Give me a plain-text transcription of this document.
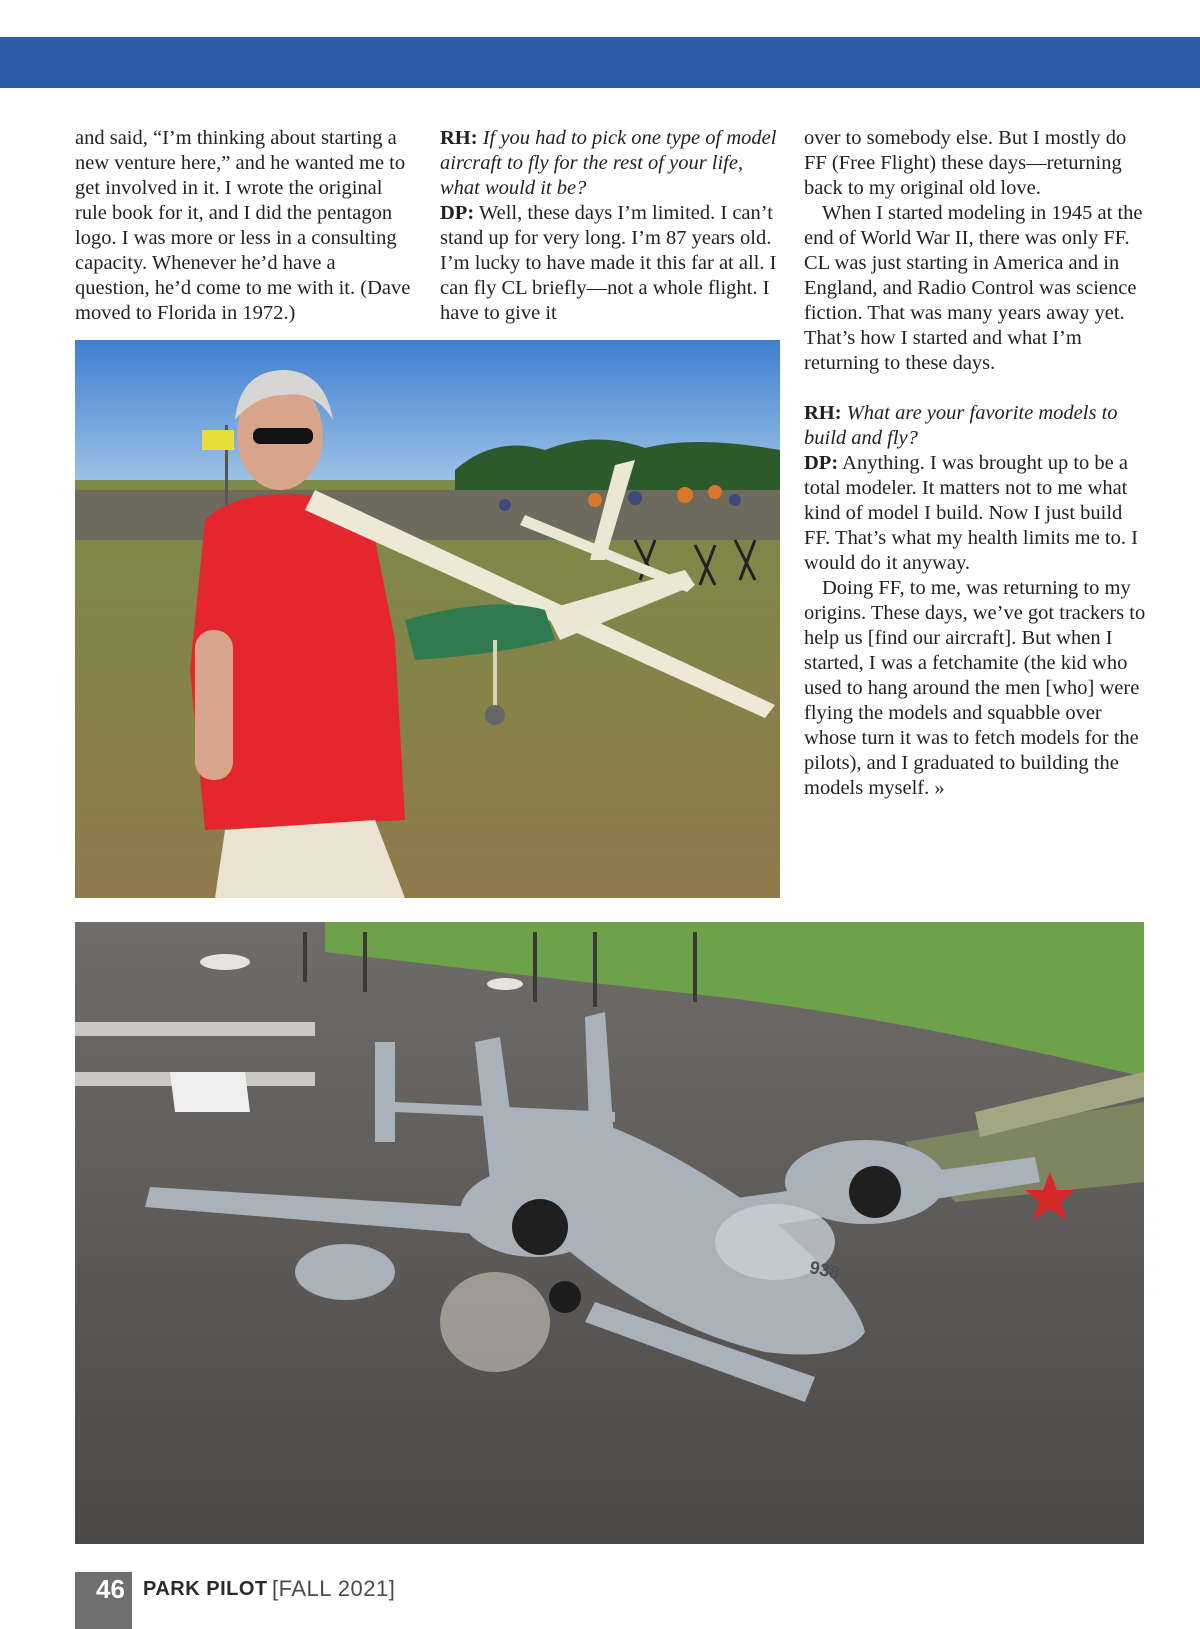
and said, “I’m thinking about starting a new venture here,” and he wanted me to get involved in it. I wrote the original rule book for it, and I did the pentagon logo. I was more or less in a consulting capacity. Whenever he’d have a question, he’d come to me with it. (Dave moved to Florida in 1972.)

RH: If you had to pick one type of model aircraft to fly for the rest of your life, what would it be?

DP: Well, these days I’m limited. I can’t stand up for very long. I’m 87 years old. I’m lucky to have made it this far at all. I can fly CL briefly—not a whole flight. I have to give it

over to somebody else. But I mostly do FF (Free Flight) these days—returning back to my original old love.

When I started modeling in 1945 at the end of World War II, there was only FF. CL was just starting in America and in England, and Radio Control was science fiction. That was many years away yet. That’s how I started and what I’m returning to these days.

RH: What are your favorite models to build and fly?

DP: Anything. I was brought up to be a total modeler. It matters not to me what kind of model I build. Now I just build FF. That’s what my health limits me to. I would do it anyway.

Doing FF, to me, was returning to my origins. These days, we’ve got trackers to help us [find our aircraft]. But when I started, I was a fetchamite (the kid who used to hang around the men [who] were flying the models and squabble over whose turn it was to fetch models for the pilots), and I graduated to building the models myself. »

938
46 PARK PILOT [FALL 2021]
